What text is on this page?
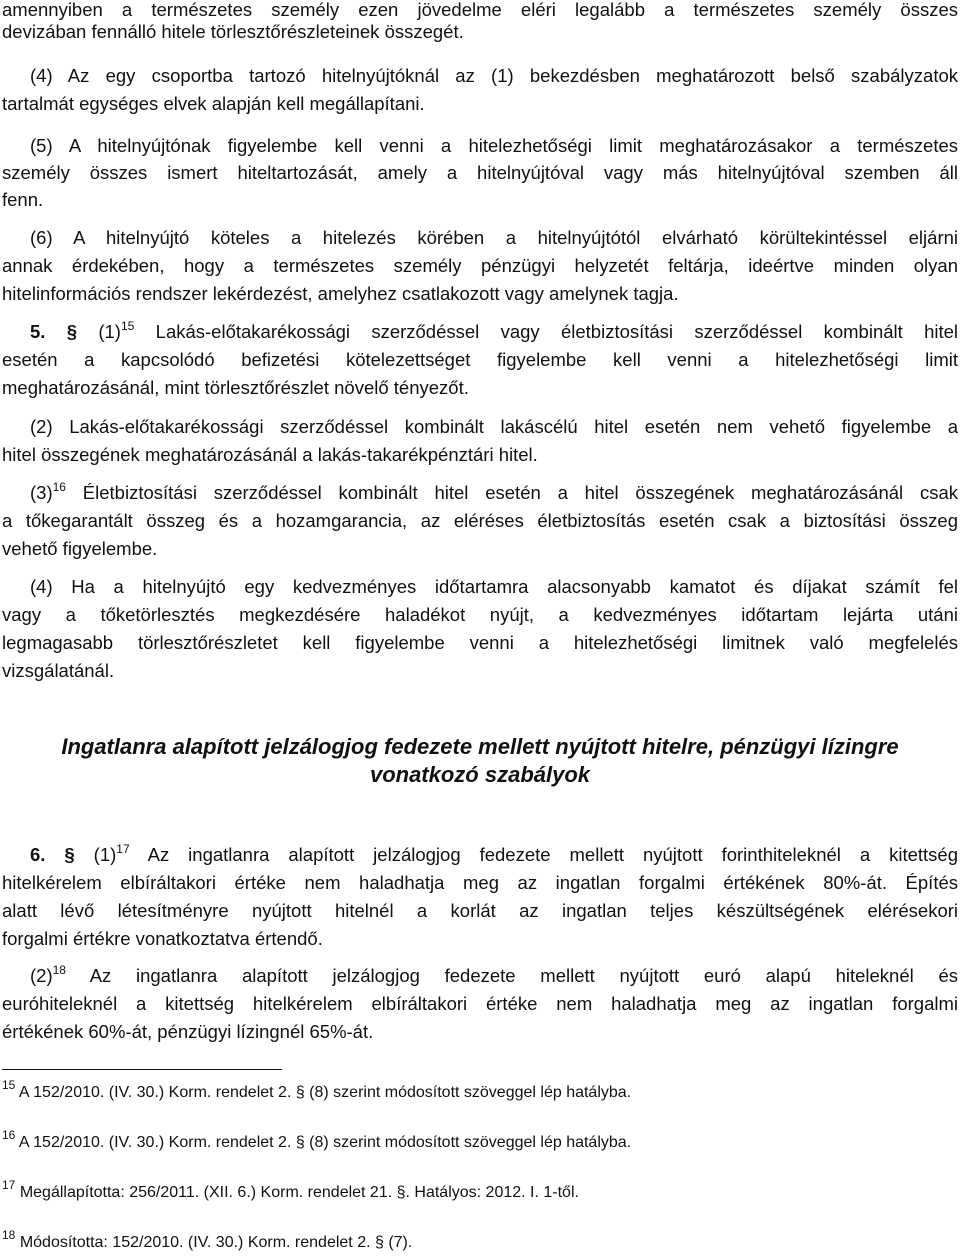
amennyiben a természetes személy ezen jövedelme eléri legalább a természetes személy összes
devizában fennálló hitele törlesztőrészleteinek összegét.
(4) Az egy csoportba tartozó hitelnyújtóknál az (1) bekezdésben meghatározott belső szabályzatok
tartalmát egységes elvek alapján kell megállapítani.
(5) A hitelnyújtónak figyelembe kell venni a hitelezhetőségi limit meghatározásakor a természetes
személy összes ismert hiteltartozását, amely a hitelnyújtóval vagy más hitelnyújtóval szemben áll
fenn.
(6) A hitelnyújtó köteles a hitelezés körében a hitelnyújtótól elvárható körültekintéssel eljárni
annak érdekében, hogy a természetes személy pénzügyi helyzetét feltárja, ideértve minden olyan
hitelinformációs rendszer lekérdezést, amelyhez csatlakozott vagy amelynek tagja.
5. § $(1)^{15}$ Lakás-előtakarékossági szerződéssel vagy életbiztosítási szerződéssel kombinált hitel
esetén a kapcsolódó befizetési kötelezettséget figyelembe kell venni a hitelezhetőségi limit
meghatározásánál, mint törlesztőrészlet növelő tényezőt.
(2) Lakás-előtakarékossági szerződéssel kombinált lakáscélú hitel esetén nem vehető figyelembe a
hitel összegének meghatározásánál a lakás-takarékpénztári hitel.
$(3)^{16}$ Életbiztosítási szerződéssel kombinált hitel esetén a hitel összegének meghatározásánál csak
a tőkegarantált összeg és a hozamgarancia, az eléréses életbiztosítás esetén csak a biztosítási összeg
vehető figyelembe.
(4) Ha a hitelnyújtó egy kedvezményes időtartamra alacsonyabb kamatot és díjakat számít fel
vagy a tőketörlesztés megkezdésére haladékot nyújt, a kedvezményes időtartam lejárta utáni
legmagasabb törlesztőrészletet kell figyelembe venni a hitelezhetőségi limitnek való megfelelés
vizsgálatánál.
Ingatlanra alapított jelzálogjog fedezete mellett nyújtott hitelre, pénzügyi lízingre
vonatkozó szabályok
6. § $(1)^{17}$ Az ingatlanra alapított jelzálogjog fedezete mellett nyújtott forinthiteleknél a kitettség
hitelkérelem elbíráltakori értéke nem haladhatja meg az ingatlan forgalmi értékének 80%-át. Építés
alatt lévő létesítményre nyújtott hitelnél a korlát az ingatlan teljes készültségének elérésekori
forgalmi értékre vonatkoztatva értendő.
$(2)^{18}$ Az ingatlanra alapított jelzálogjog fedezete mellett nyújtott euró alapú hiteleknél és
euróhiteleknél a kitettség hitelkérelem elbíráltakori értéke nem haladhatja meg az ingatlan forgalmi
értékének 60%-át, pénzügyi lízingnél 65%-át.
$^{15}$ A 152/2010. (IV. 30.) Korm. rendelet 2. § (8) szerint módosított szöveggel lép hatályba.
$^{16}$ A 152/2010. (IV. 30.) Korm. rendelet 2. § (8) szerint módosított szöveggel lép hatályba.
$^{17}$ Megállapította: 256/2011. (XII. 6.) Korm. rendelet 21. §. Hatályos: 2012. I. 1-től.
$^{18}$ Módosította: 152/2010. (IV. 30.) Korm. rendelet 2. § (7).
